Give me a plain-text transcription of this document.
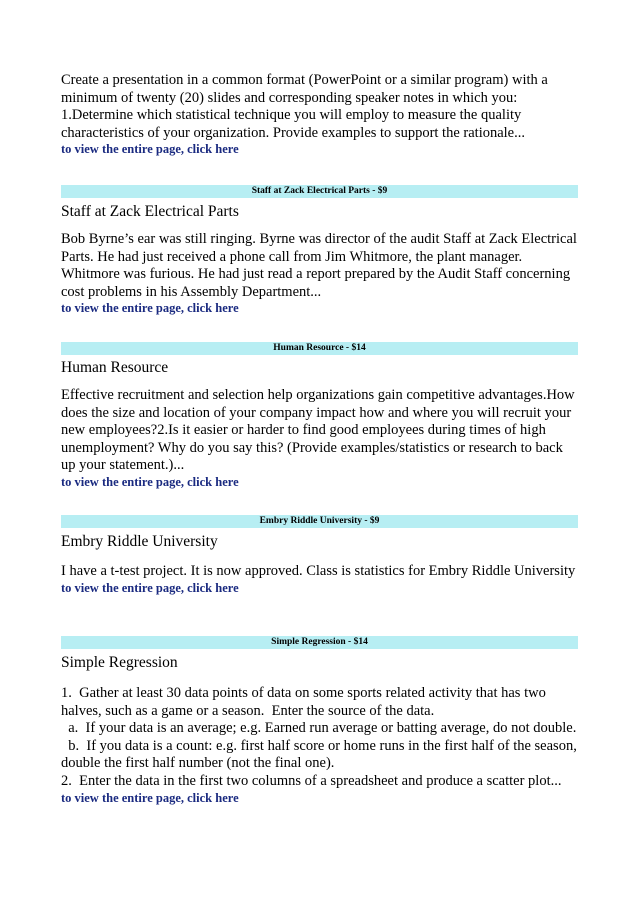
Create a presentation in a common format (PowerPoint or a similar program) with a minimum of twenty (20) slides and corresponding speaker notes in which you:
1.Determine which statistical technique you will employ to measure the quality characteristics of your organization. Provide examples to support the rationale...

to view the entire page, click here
Staff at Zack Electrical Parts - $9
Staff at Zack Electrical Parts

Bob Byrne’s ear was still ringing. Byrne was director of the audit Staff at Zack Electrical Parts. He had just received a phone call from Jim Whitmore, the plant manager. Whitmore was furious. He had just read a report prepared by the Audit Staff concerning cost problems in his Assembly Department...

to view the entire page, click here
Human Resource - $14
Human Resource

Effective recruitment and selection help organizations gain competitive advantages.How does the size and location of your company impact how and where you will recruit your new employees?2.Is it easier or harder to find good employees during times of high unemployment? Why do you say this? (Provide examples/statistics or research to back up your statement.)...

to view the entire page, click here
Embry Riddle University - $9
Embry Riddle University

I have a t-test project. It is now approved. Class is statistics for Embry Riddle University

to view the entire page, click here
Simple Regression - $14
Simple Regression

1.  Gather at least 30 data points of data on some sports related activity that has two halves, such as a game or a season.  Enter the source of the data.
a.  If your data is an average; e.g. Earned run average or batting average, do not double.
b.  If you data is a count: e.g. first half score or home runs in the first half of the season, double the first half number (not the final one).
2.  Enter the data in the first two columns of a spreadsheet and produce a scatter plot...

to view the entire page, click here
